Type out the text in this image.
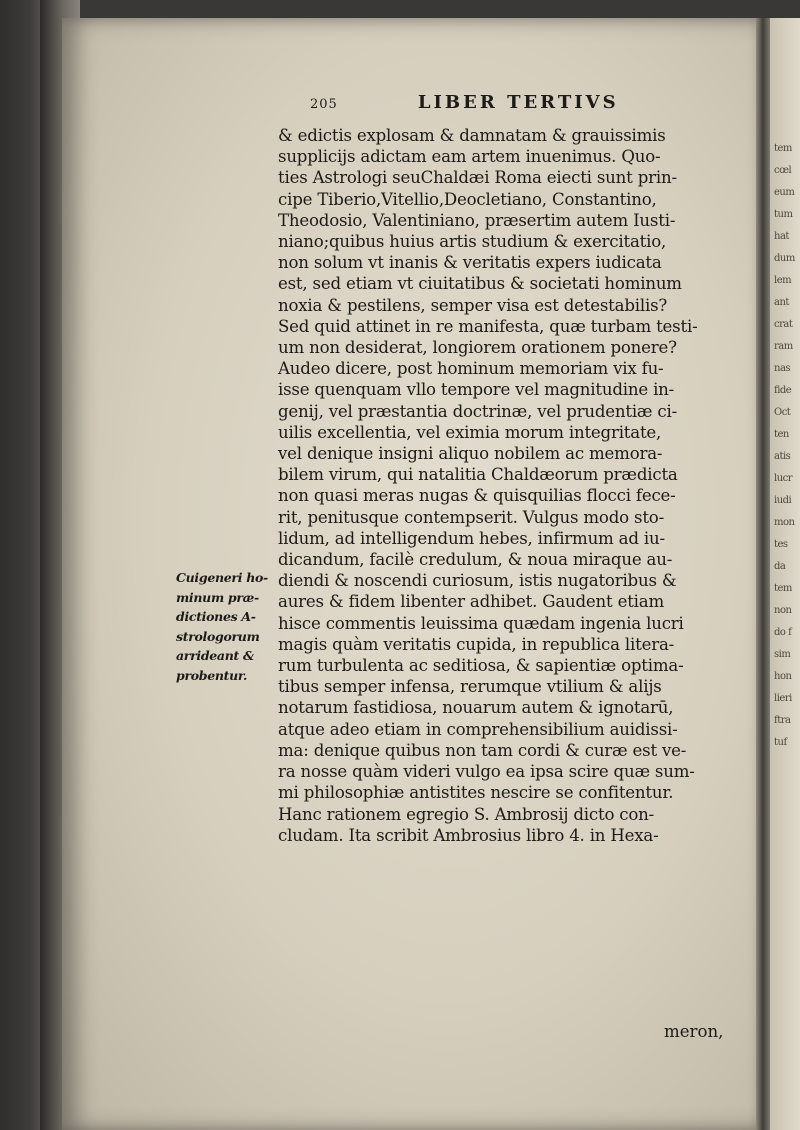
tem
cœl
eum
tum
hat
dum
lem
ant
crat
ram
nas
fide
Oct
ten
atis
lucr
iudi
mon
tes
da
tem
non
do f
sim
hon
lieri
ftra
tuf
205	LIBER TERTIVS
& edictis explosam & damnatam & grauissimis
supplicijs adictam eam artem inuenimus. Quo-
ties Astrologi seuChaldæi Roma eiecti sunt prin-
cipe Tiberio,Vitellio,Deocletiano, Constantino,
Theodosio, Valentiniano, præsertim autem Iusti-
niano;quibus huius artis studium & exercitatio,
non solum vt inanis & veritatis expers iudicata
est, sed etiam vt ciuitatibus & societati hominum
noxia & pestilens, semper visa est detestabilis?
Sed quid attinet in re manifesta, quæ turbam testi-
um non desiderat, longiorem orationem ponere?
Audeo dicere, post hominum memoriam vix fu-
isse quenquam vllo tempore vel magnitudine in-
genij, vel præstantia doctrinæ, vel prudentiæ ci-
uilis excellentia, vel eximia morum integritate,
vel denique insigni aliquo nobilem ac memora-
bilem virum, qui natalitia Chaldæorum prædicta
non quasi meras nugas & quisquilias flocci fece-
rit, penitusque contempserit. Vulgus modo sto-
lidum, ad intelligendum hebes, infirmum ad iu-
dicandum, facilè credulum, & noua miraque au-
diendi & noscendi curiosum, istis nugatoribus &
aures & fidem libenter adhibet. Gaudent etiam
hisce commentis leuissima quædam ingenia lucri
magis quàm veritatis cupida, in republica litera-
rum turbulenta ac seditiosa, & sapientiæ optima-
tibus semper infensa, rerumque vtilium & alijs
notarum fastidiosa, nouarum autem & ignotarū,
atque adeo etiam in comprehensibilium auidissi-
ma: denique quibus non tam cordi & curæ est ve-
ra nosse quàm videri vulgo ea ipsa scire quæ sum-
mi philosophiæ antistites nescire se confitentur.
Hanc rationem egregio S. Ambrosij dicto con-
cludam. Ita scribit Ambrosius libro 4. in Hexa-
Cuigeneri ho-
minum præ-
dictiones A-
strologorum
arrideant &
probentur.
meron,
